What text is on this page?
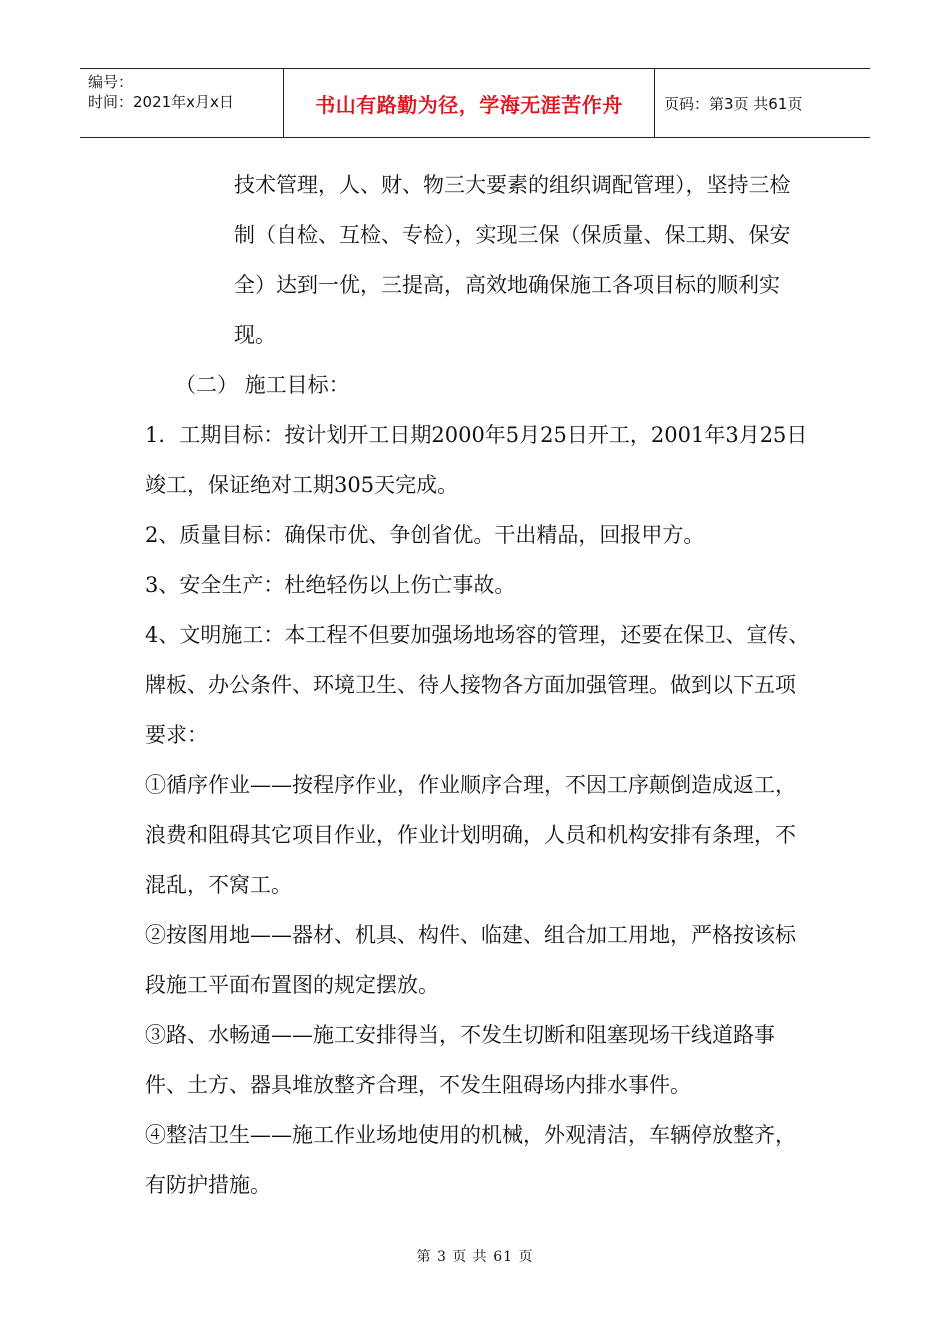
编号：
时间：2021年x月x日	书山有路勤为径，学海无涯苦作舟	页码：第3页 共61页

技术管理，人、财、物三大要素的组织调配管理），坚持三检制（自检、互检、专检），实现三保（保质量、保工期、保安全）达到一优，三提高，高效地确保施工各项目标的顺利实现。

（二） 施工目标：

1．工期目标：按计划开工日期2000年5月25日开工，2001年3月25日竣工，保证绝对工期305天完成。

2、质量目标：确保市优、争创省优。干出精品，回报甲方。

3、安全生产：杜绝轻伤以上伤亡事故。

4、文明施工：本工程不但要加强场地场容的管理，还要在保卫、宣传、牌板、办公条件、环境卫生、待人接物各方面加强管理。做到以下五项要求：

①循序作业——按程序作业，作业顺序合理，不因工序颠倒造成返工，浪费和阻碍其它项目作业，作业计划明确，人员和机构安排有条理，不混乱，不窝工。

②按图用地——器材、机具、构件、临建、组合加工用地，严格按该标段施工平面布置图的规定摆放。

③路、水畅通——施工安排得当，不发生切断和阻塞现场干线道路事件、土方、器具堆放整齐合理，不发生阻碍场内排水事件。

④整洁卫生——施工作业场地使用的机械，外观清洁，车辆停放整齐，有防护措施。

第 3 页 共 61 页
